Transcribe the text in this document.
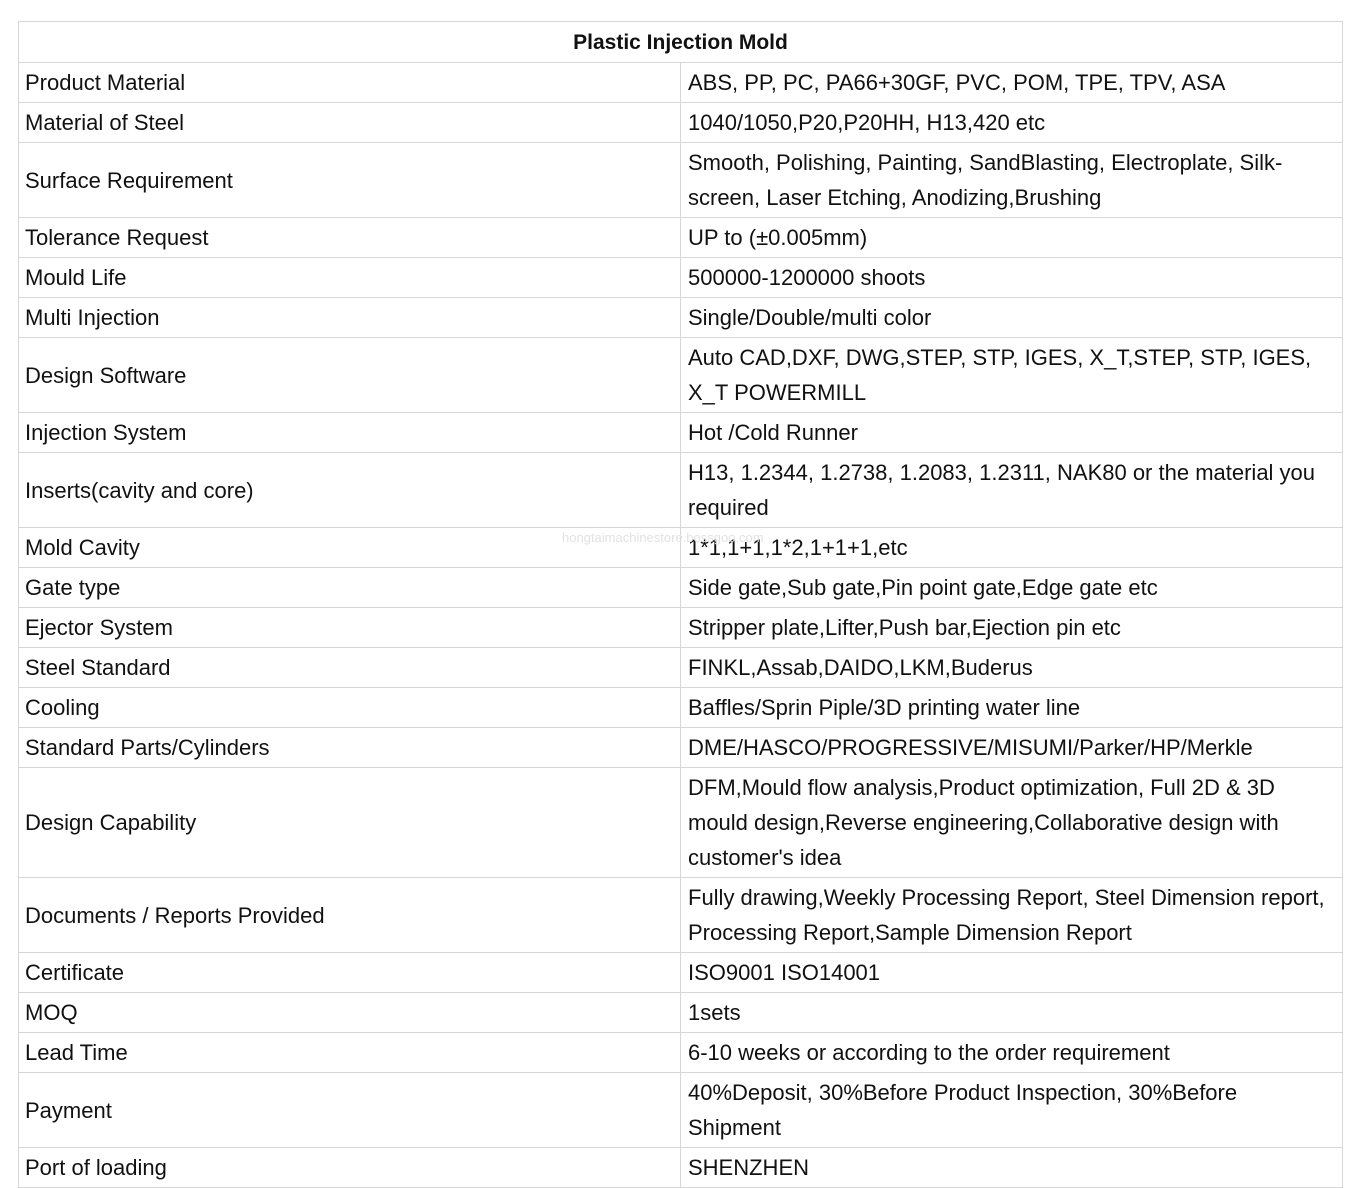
Plastic Injection Mold	
Product Material	ABS, PP, PC, PA66+30GF, PVC, POM, TPE, TPV, ASA
Material of Steel	1040/1050,P20,P20HH, H13,420 etc
Surface Requirement	Smooth, Polishing, Painting, SandBlasting, Electroplate, Silk-screen, Laser Etching, Anodizing,Brushing
Tolerance Request	UP to (±0.005mm)
Mould Life	500000-1200000 shoots
Multi Injection	Single/Double/multi color
Design Software	Auto CAD,DXF, DWG,STEP, STP, IGES, X_T,STEP, STP, IGES, X_T POWERMILL
Injection System	Hot /Cold Runner
Inserts(cavity and core)	H13, 1.2344, 1.2738, 1.2083, 1.2311, NAK80 or the material you required
Mold Cavity	1*1,1+1,1*2,1+1+1,etc
Gate type	Side gate,Sub gate,Pin point gate,Edge gate etc
Ejector System	Stripper plate,Lifter,Push bar,Ejection pin etc
Steel Standard	FINKL,Assab,DAIDO,LKM,Buderus
Cooling	Baffles/Sprin Piple/3D printing water line
Standard Parts/Cylinders	DME/HASCO/PROGRESSIVE/MISUMI/Parker/HP/Merkle
Design Capability	DFM,Mould flow analysis,Product optimization, Full 2D & 3D mould design,Reverse engineering,Collaborative design with customer's idea
Documents / Reports Provided	Fully drawing,Weekly Processing Report, Steel Dimension report, Processing Report,Sample Dimension Report
Certificate	ISO9001 ISO14001
MOQ	1sets
Lead Time	6-10 weeks or according to the order requirement
Payment	40%Deposit, 30%Before Product Inspection, 30%Before Shipment
Port of loading	SHENZHEN
hongtaimachinestore.bossgoo.com
